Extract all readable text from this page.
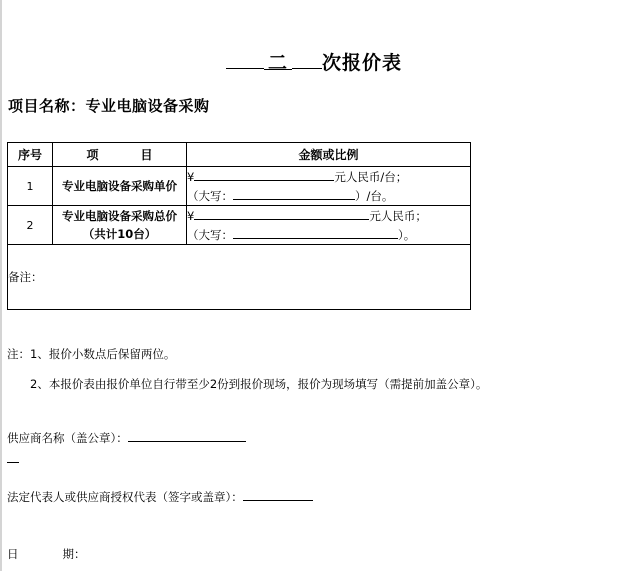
二 次报价表
项目名称：专业电脑设备采购
序号	项 目	金额或比例
1	专业电脑设备采购单价	¥ 元人民币/台；
（大写： ）/台。

2	专业电脑设备采购总价（共计10台）	¥ 元人民币；
（大写： ）。

备注：		
注：1、报价小数点后保留两位。
2、本报价表由报价单位自行带至少2份到报价现场，报价为现场填写（需提前加盖公章）。
供应商名称（盖公章）：
法定代表人或供应商授权代表（签字或盖章）：
日	期：
